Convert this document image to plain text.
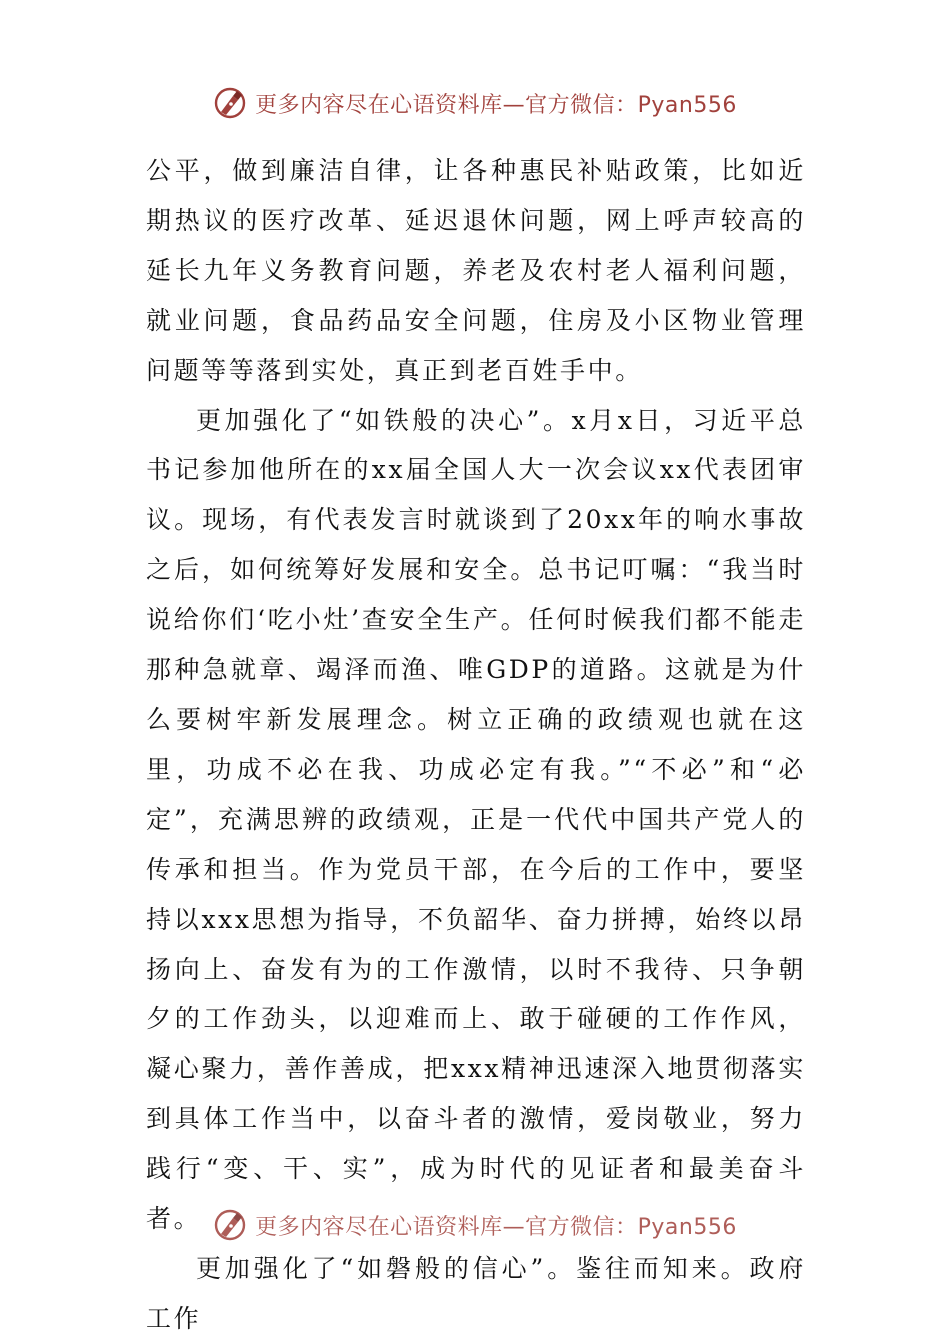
更多内容尽在心语资料库—官方微信：Pyan556

公平，做到廉洁自律，让各种惠民补贴政策，比如近期热议的医疗改革、延迟退休问题，网上呼声较高的延长九年义务教育问题，养老及农村老人福利问题，就业问题，食品药品安全问题，住房及小区物业管理问题等等落到实处，真正到老百姓手中。

更加强化了“如铁般的决心”。x月x日，习近平总书记参加他所在的xx届全国人大一次会议xx代表团审议。现场，有代表发言时就谈到了20xx年的响水事故之后，如何统筹好发展和安全。总书记叮嘱：“我当时说给你们‘吃小灶’查安全生产。任何时候我们都不能走那种急就章、竭泽而渔、唯GDP的道路。这就是为什么要树牢新发展理念。树立正确的政绩观也就在这里，功成不必在我、功成必定有我。”“不必”和“必定”，充满思辨的政绩观，正是一代代中国共产党人的传承和担当。作为党员干部，在今后的工作中，要坚持以xxx思想为指导，不负韶华、奋力拼搏，始终以昂扬向上、奋发有为的工作激情，以时不我待、只争朝夕的工作劲头，以迎难而上、敢于碰硬的工作作风，凝心聚力，善作善成，把xxx精神迅速深入地贯彻落实到具体工作当中，以奋斗者的激情，爱岗敬业，努力践行“变、干、实”，成为时代的见证者和最美奋斗者。

更加强化了“如磐般的信心”。鉴往而知来。政府工作

更多内容尽在心语资料库—官方微信：Pyan556
